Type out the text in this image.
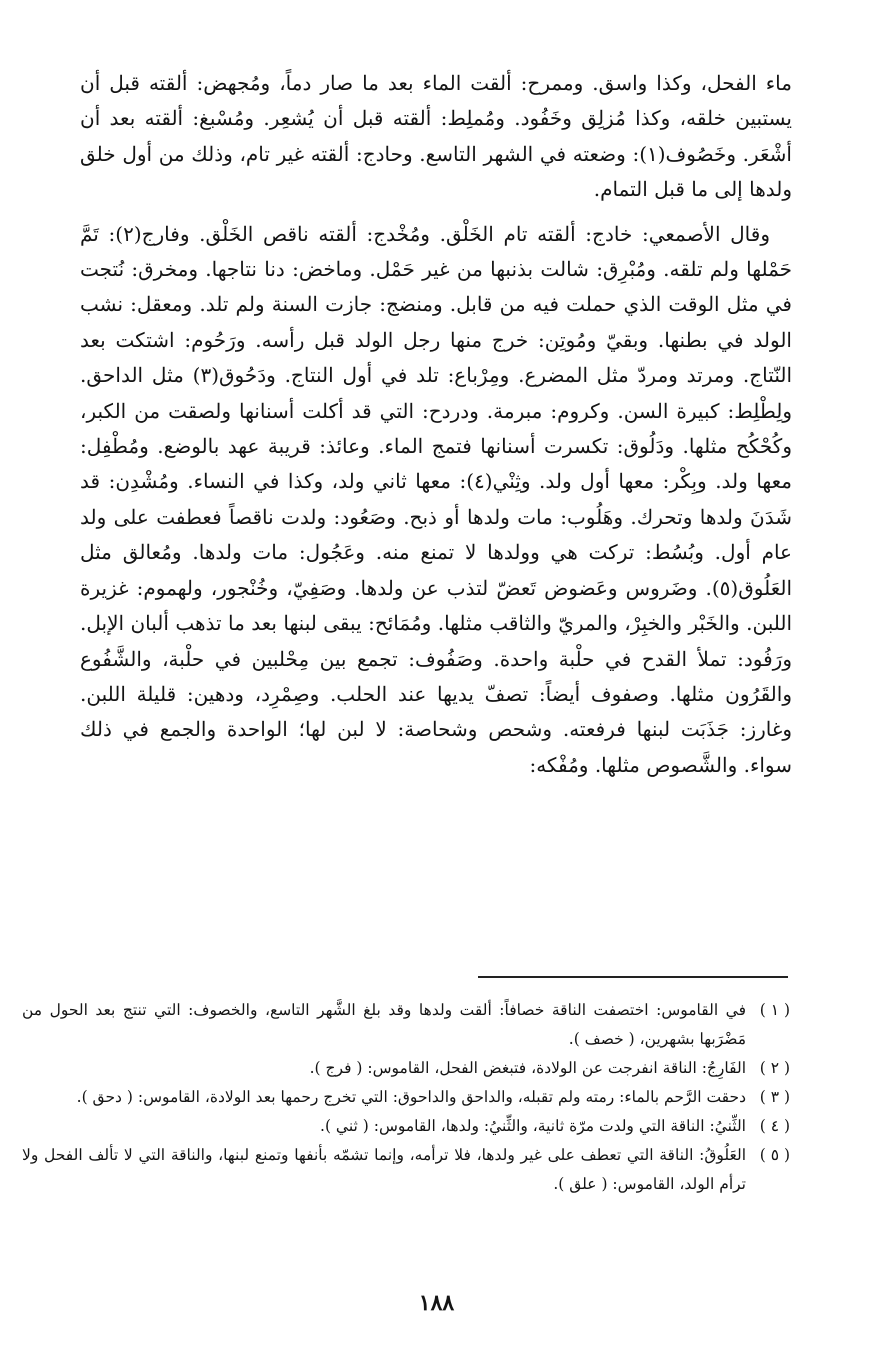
ماء الفحل، وكذا واسق. وممرح: ألقت الماء بعد ما صار دماً، ومُجهض: ألقته قبل أن يستبين خلقه، وكذا مُزلِق وخَفُود. ومُملِط: ألقته قبل أن يُشعِر. ومُسْبغ: ألقته بعد أن أشْعَر. وخَصُوف(١): وضعته في الشهر التاسع. وحادج: ألقته غير تام، وذلك من أول خلق ولدها إلى ما قبل التمام.

وقال الأصمعي: خادج: ألقته تام الخَلْق. ومُخْدج: ألقته ناقص الخَلْق. وفارج(٢): تَمَّ حَمْلها ولم تلقه. ومُبْرِق: شالت بذنبها من غير حَمْل. وماخض: دنا نتاجها. ومخرق: نُتجت في مثل الوقت الذي حملت فيه من قابل. ومنضج: جازت السنة ولم تلد. ومعقل: نشب الولد في بطنها. وبقيّ ومُوتِن: خرج منها رجل الولد قبل رأسه. ورَحُوم: اشتكت بعد النّتاج. ومرتد ومردّ مثل المضرع. ومِرْباع: تلد في أول النتاج. ودَحُوق(٣) مثل الداحق. ولِطْلِط: كبيرة السن. وكروم: مبرمة. ودردح: التي قد أكلت أسنانها ولصقت من الكبر، وكُحْكُح مثلها. ودَلُوق: تكسرت أسنانها فتمج الماء. وعائذ: قريبة عهد بالوضع. ومُطْفِل: معها ولد. وبِكْر: معها أول ولد. وثِنْي(٤): معها ثاني ولد، وكذا في النساء. ومُشْدِن: قد شَدَنَ ولدها وتحرك. وهَلُوب: مات ولدها أو ذبح. وصَعُود: ولدت ناقصاً فعطفت على ولد عام أول. وبُسُط: تركت هي وولدها لا تمنع منه. وعَجُول: مات ولدها. ومُعالق مثل العَلُوق(٥). وضَروس وعَضوض تَعضّ لتذب عن ولدها. وصَفِيّ، وخُنْجور، ولهموم: غزيرة اللبن. والخَبْر والخبِرْ، والمريّ والثاقب مثلها. ومُمَائح: يبقى لبنها بعد ما تذهب ألبان الإبل. ورَفُود: تملأ القدح في حلْبة واحدة. وصَفُوف: تجمع بين مِحْلبين في حلْبة، والشَّفُوع والقَرُون مثلها. وصفوف أيضاً: تصفّ يديها عند الحلب. وصِمْرِد، ودهين: قليلة اللبن. وغارز: جَذَبَت لبنها فرفعته. وشحص وشحاصة: لا لبن لها؛ الواحدة والجمع في ذلك سواء. والشَّصوص مثلها. ومُفْكه:

( ١ )
في القاموس: اختصفت الناقة خصافاً: ألقت ولدها وقد بلغ الشَّهر التاسع، والخصوف: التي تنتج بعد الحول من مَضْرَبها بشهرين، ( خصف ).
( ٢ )
الفَارِجُ: الناقة انفرجت عن الولادة، فتبغض الفحل، القاموس: ( فرج ).
( ٣ )
دحقت الرَّحم بالماء: رمته ولم تقبله، والداحق والداحوق: التي تخرج رحمها بعد الولادة، القاموس: ( دحق ).
( ٤ )
الثِّنيُ: الناقة التي ولدت مرّة ثانية، والثِّنيُ: ولدها، القاموس: ( ثني ).
( ٥ )
العَلُوقُ: الناقة التي تعطف على غير ولدها، فلا ترأمه، وإنما تشمّه بأنفها وتمنع لبنها، والناقة التي لا تألف الفحل ولا ترأم الولد، القاموس: ( علق ).
١٨٨
